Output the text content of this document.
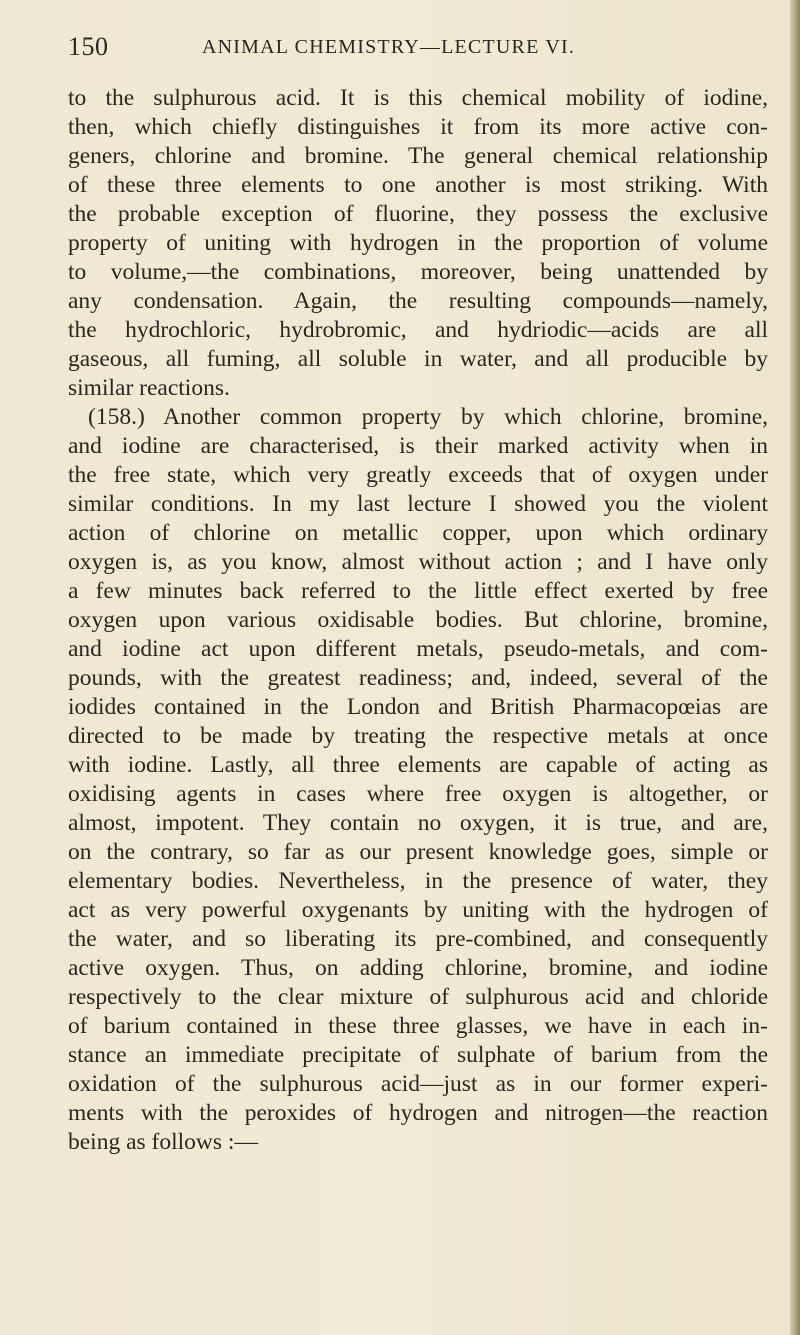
150	ANIMAL CHEMISTRY—LECTURE VI.
to the sulphurous acid. It is this chemical mobility of iodine,
then, which chiefly distinguishes it from its more active con-
geners, chlorine and bromine. The general chemical relationship
of these three elements to one another is most striking. With
the probable exception of fluorine, they possess the exclusive
property of uniting with hydrogen in the proportion of volume
to volume,—the combinations, moreover, being unattended by
any condensation. Again, the resulting compounds—namely,
the hydrochloric, hydrobromic, and hydriodic—acids are all
gaseous, all fuming, all soluble in water, and all producible by
similar reactions.
(158.) Another common property by which chlorine, bromine,
and iodine are characterised, is their marked activity when in
the free state, which very greatly exceeds that of oxygen under
similar conditions. In my last lecture I showed you the violent
action of chlorine on metallic copper, upon which ordinary
oxygen is, as you know, almost without action ; and I have only
a few minutes back referred to the little effect exerted by free
oxygen upon various oxidisable bodies. But chlorine, bromine,
and iodine act upon different metals, pseudo-metals, and com-
pounds, with the greatest readiness; and, indeed, several of the
iodides contained in the London and British Pharmacopœias are
directed to be made by treating the respective metals at once
with iodine. Lastly, all three elements are capable of acting as
oxidising agents in cases where free oxygen is altogether, or
almost, impotent. They contain no oxygen, it is true, and are,
on the contrary, so far as our present knowledge goes, simple or
elementary bodies. Nevertheless, in the presence of water, they
act as very powerful oxygenants by uniting with the hydrogen of
the water, and so liberating its pre-combined, and consequently
active oxygen. Thus, on adding chlorine, bromine, and iodine
respectively to the clear mixture of sulphurous acid and chloride
of barium contained in these three glasses, we have in each in-
stance an immediate precipitate of sulphate of barium from the
oxidation of the sulphurous acid—just as in our former experi-
ments with the peroxides of hydrogen and nitrogen—the reaction
being as follows :—
